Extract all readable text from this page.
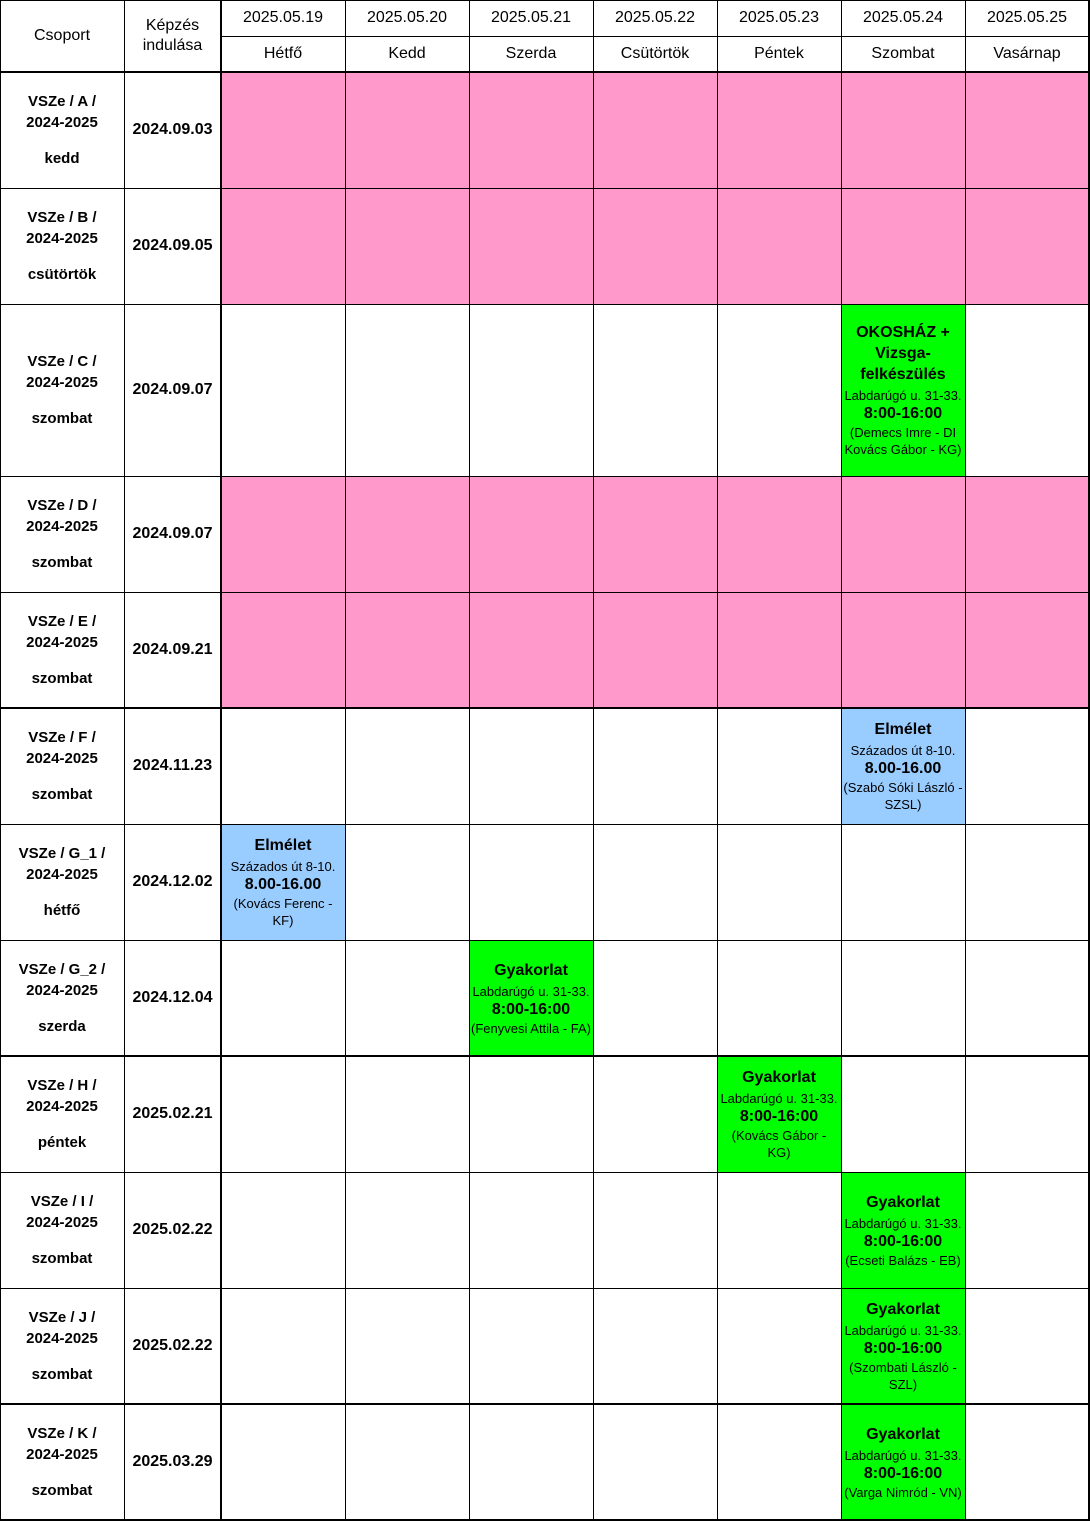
Csoport
Képzés
indulása
2025.05.19
Hétfő
2025.05.20
Kedd
2025.05.21
Szerda
2025.05.22
Csütörtök
2025.05.23
Péntek
2025.05.24
Szombat
2025.05.25
Vasárnap
VSZe / A /
2024-2025
kedd
2024.09.03
VSZe / B /
2024-2025
csütörtök
2024.09.05
VSZe / C /
2024-2025
szombat
2024.09.07
OKOSHÁZ + Vizsga-felkészülés
Labdarúgó u. 31-33.
8:00-16:00
(Demecs Imre - DI Kovács Gábor - KG)
VSZe / D /
2024-2025
szombat
2024.09.07
VSZe / E /
2024-2025
szombat
2024.09.21
VSZe / F /
2024-2025
szombat
2024.11.23
Elmélet
Százados út 8-10.
8.00-16.00
(Szabó Sóki László - SZSL)
VSZe / G_1 /
2024-2025
hétfő
2024.12.02
Elmélet
Százados út 8-10.
8.00-16.00
(Kovács Ferenc - KF)
VSZe / G_2 /
2024-2025
szerda
2024.12.04
Gyakorlat
Labdarúgó u. 31-33.
8:00-16:00
(Fenyvesi Attila - FA)
VSZe / H /
2024-2025
péntek
2025.02.21
Gyakorlat
Labdarúgó u. 31-33.
8:00-16:00
(Kovács Gábor - KG)
VSZe / I /
2024-2025
szombat
2025.02.22
Gyakorlat
Labdarúgó u. 31-33.
8:00-16:00
(Ecseti Balázs - EB)
VSZe / J /
2024-2025
szombat
2025.02.22
Gyakorlat
Labdarúgó u. 31-33.
8:00-16:00
(Szombati László - SZL)
VSZe / K /
2024-2025
szombat
2025.03.29
Gyakorlat
Labdarúgó u. 31-33.
8:00-16:00
(Varga Nimród - VN)
